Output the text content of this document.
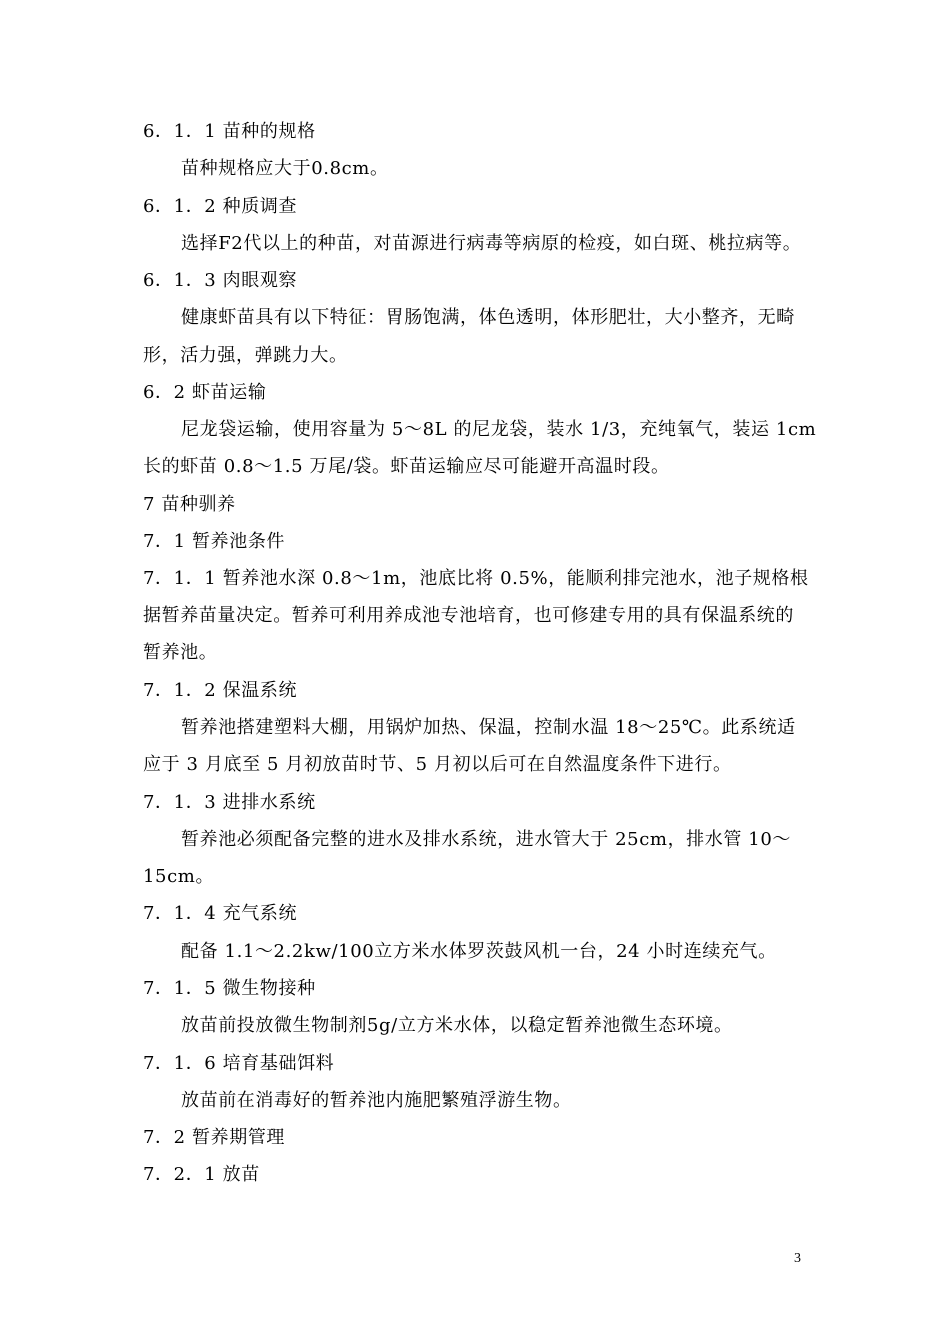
6．1．1 苗种的规格
苗种规格应大于0.8cm。
6．1．2 种质调查
选择F2代以上的种苗，对苗源进行病毒等病原的检疫，如白斑、桃拉病等。
6．1．3 肉眼观察
健康虾苗具有以下特征：胃肠饱满，体色透明，体形肥壮，大小整齐，无畸
形，活力强，弹跳力大。
6．2 虾苗运输
尼龙袋运输，使用容量为 5～8L 的尼龙袋，装水 1/3，充纯氧气，装运 1cm
长的虾苗 0.8～1.5 万尾/袋。虾苗运输应尽可能避开高温时段。
7 苗种驯养
7．1 暂养池条件
7．1．1 暂养池水深 0.8～1m，池底比将 0.5%，能顺利排完池水，池子规格根
据暂养苗量决定。暂养可利用养成池专池培育，也可修建专用的具有保温系统的
暂养池。
7．1．2 保温系统
暂养池搭建塑料大棚，用锅炉加热、保温，控制水温 18～25℃。此系统适
应于 3 月底至 5 月初放苗时节、5 月初以后可在自然温度条件下进行。
7．1．3 进排水系统
暂养池必须配备完整的进水及排水系统，进水管大于 25cm，排水管 10～
15cm。
7．1．4 充气系统
配备 1.1～2.2kw/100立方米水体罗茨鼓风机一台，24 小时连续充气。
7．1．5 微生物接种
放苗前投放微生物制剂5g/立方米水体，以稳定暂养池微生态环境。
7．1．6 培育基础饵料
放苗前在消毒好的暂养池内施肥繁殖浮游生物。
7．2 暂养期管理
7．2．1 放苗
3
